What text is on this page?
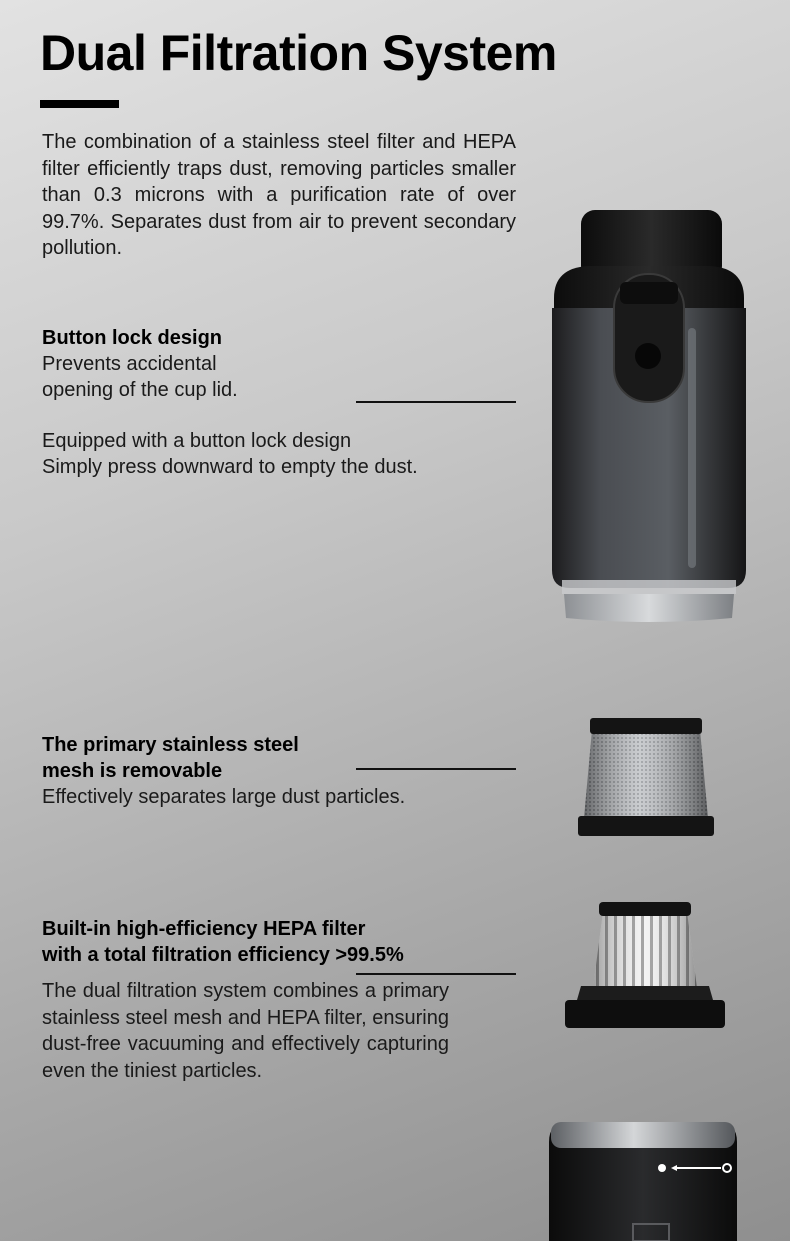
Dual Filtration System

The combination of a stainless steel filter and HEPA filter efficiently traps dust, removing particles smaller than 0.3 microns with a purification rate of over 99.7%. Separates dust from air to prevent secondary pollution.

Button lock design
Prevents accidental
opening of the cup lid.
Equipped with a button lock design
Simply press downward to empty the dust.
The primary stainless steel
mesh is removable
Effectively separates large dust particles.
Built-in high-efficiency HEPA filter
with a total filtration efficiency >99.5%
The dual filtration system combines a primary stainless steel mesh and HEPA filter, ensuring dust-free vacuuming and effectively capturing even the tiniest particles.
